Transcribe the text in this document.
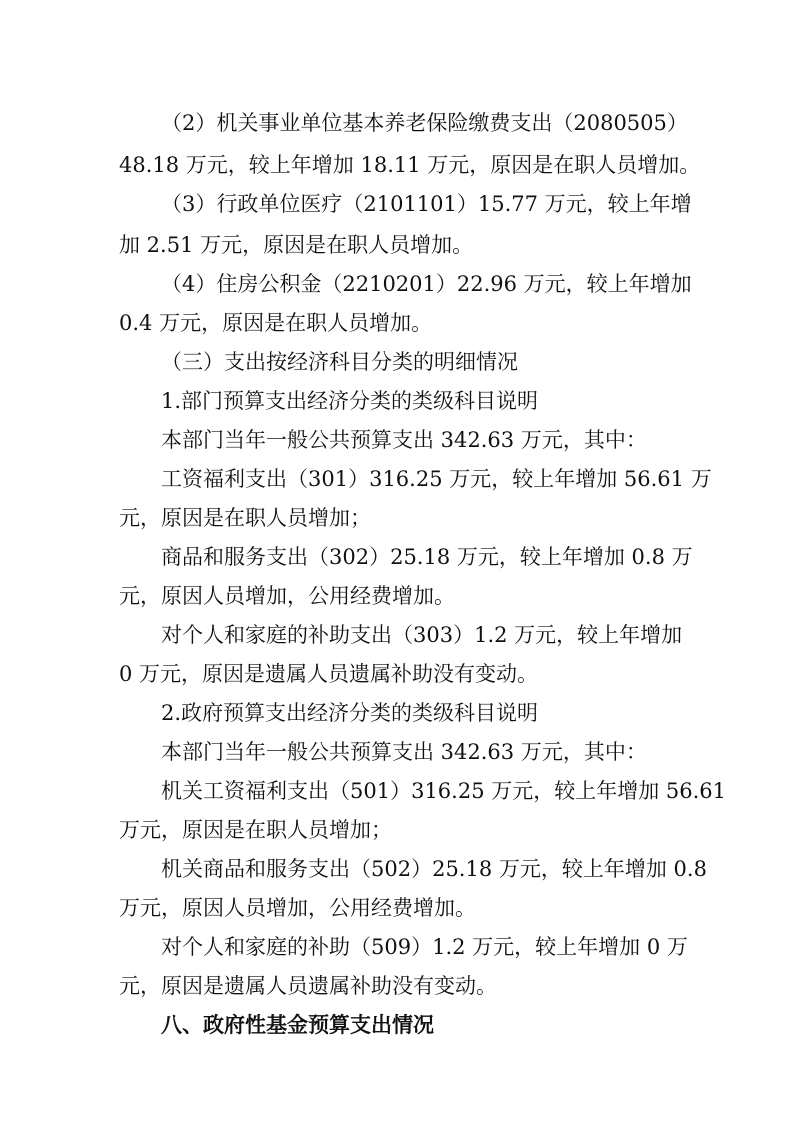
（2）机关事业单位基本养老保险缴费支出（2080505）
48.18 万元，较上年增加 18.11 万元，原因是在职人员增加。
（3）行政单位医疗（2101101）15.77 万元，较上年增
加 2.51 万元，原因是在职人员增加。
（4）住房公积金（2210201）22.96 万元，较上年增加
0.4 万元，原因是在职人员增加。
（三）支出按经济科目分类的明细情况
1.部门预算支出经济分类的类级科目说明
本部门当年一般公共预算支出 342.63 万元，其中：
工资福利支出（301）316.25 万元，较上年增加 56.61 万
元，原因是在职人员增加；
商品和服务支出（302）25.18 万元，较上年增加 0.8 万
元，原因人员增加，公用经费增加。
对个人和家庭的补助支出（303）1.2 万元，较上年增加
0 万元，原因是遗属人员遗属补助没有变动。
2.政府预算支出经济分类的类级科目说明
本部门当年一般公共预算支出 342.63 万元，其中：
机关工资福利支出（501）316.25 万元，较上年增加 56.61
万元，原因是在职人员增加；
机关商品和服务支出（502）25.18 万元，较上年增加 0.8
万元，原因人员增加，公用经费增加。
对个人和家庭的补助（509）1.2 万元，较上年增加 0 万
元，原因是遗属人员遗属补助没有变动。
八、政府性基金预算支出情况
